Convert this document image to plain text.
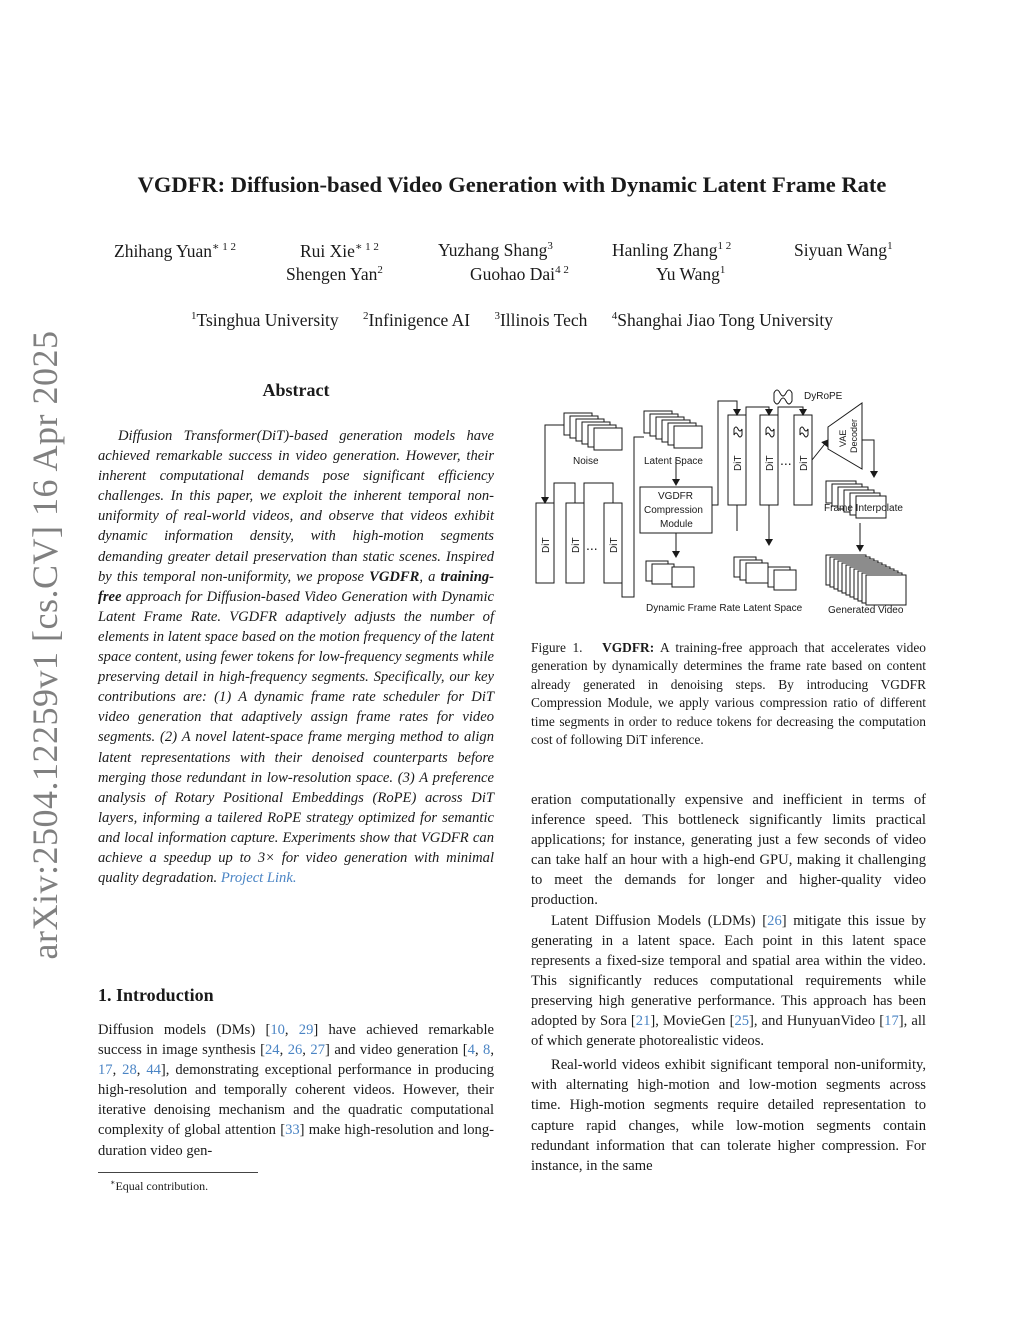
arXiv:2504.12259v1 [cs.CV] 16 Apr 2025
VGDFR: Diffusion-based Video Generation with Dynamic Latent Frame Rate
Zhihang Yuan$^{∗ 1 2}$	Rui Xie$^{∗ 1 2}$	Yuzhang Shang$^3$	Hanling Zhang$^{1 2}$	Siyuan Wang$^1$
Shengen Yan$^2$	Guohao Dai$^{4 2}$	Yu Wang$^1$
$^1$Tsinghua University $^2$Infinigence AI $^3$Illinois Tech $^4$Shanghai Jiao Tong University
Abstract

Diffusion Transformer(DiT)-based generation models have achieved remarkable success in video generation. However, their inherent computational demands pose significant efficiency challenges. In this paper, we exploit the inherent temporal non-uniformity of real-world videos, and observe that videos exhibit dynamic information density, with high-motion segments demanding greater detail preservation than static scenes. Inspired by this temporal non-uniformity, we propose VGDFR, a training-free approach for Diffusion-based Video Generation with Dynamic Latent Frame Rate. VGDFR adaptively adjusts the number of elements in latent space based on the motion frequency of the latent space content, using fewer tokens for low-frequency segments while preserving detail in high-frequency segments. Specifically, our key contributions are: (1) A dynamic frame rate scheduler for DiT video generation that adaptively assign frame rates for video segments. (2) A novel latent-space frame merging method to align latent representations with their denoised counterparts before merging those redundant in low-resolution space. (3) A preference analysis of Rotary Positional Embeddings (RoPE) across DiT layers, informing a tailered RoPE strategy optimized for semantic and local information capture. Experiments show that VGDFR can achieve a speedup up to 3× for video generation with minimal quality degradation. Project Link.

1. Introduction

Diffusion models (DMs) [10, 29] have achieved remarkable success in image synthesis [24, 26, 27] and video generation [4, 8, 17, 28, 44], demonstrating exceptional performance in producing high-resolution and temporally coherent videos. However, their iterative denoising mechanism and the quadratic computational complexity of global attention [33] make high-resolution and long-duration video gen-

∗Equal contribution.
...
...
Noise	Latent Space
VGDFR
Compression
Module
DyRoPE
Frame Interpolate
Dynamic Frame Rate Latent Space	Generated Video
DiT DiT	DiT
DiT DiT DiT
VAE Decoder
Figure 1. VGDFR: A training-free approach that accelerates video generation by dynamically determines the frame rate based on content already generated in denoising steps. By introducing VGDFR Compression Module, we apply various compression ratio of different time segments in order to reduce tokens for decreasing the computation cost of following DiT inference.

eration computationally expensive and inefficient in terms of inference speed. This bottleneck significantly limits practical applications; for instance, generating just a few seconds of video can take half an hour with a high-end GPU, making it challenging to meet the demands for longer and higher-quality video production.

Latent Diffusion Models (LDMs) [26] mitigate this issue by generating in a latent space. Each point in this latent space represents a fixed-size temporal and spatial area within the video. This significantly reduces computational requirements while preserving high generative performance. This approach has been adopted by Sora [21], MovieGen [25], and HunyuanVideo [17], all of which generate photorealistic videos.

Real-world videos exhibit significant temporal non-uniformity, with alternating high-motion and low-motion segments across time. High-motion segments require detailed representation to capture rapid changes, while low-motion segments contain redundant information that can tolerate higher compression. For instance, in the same
